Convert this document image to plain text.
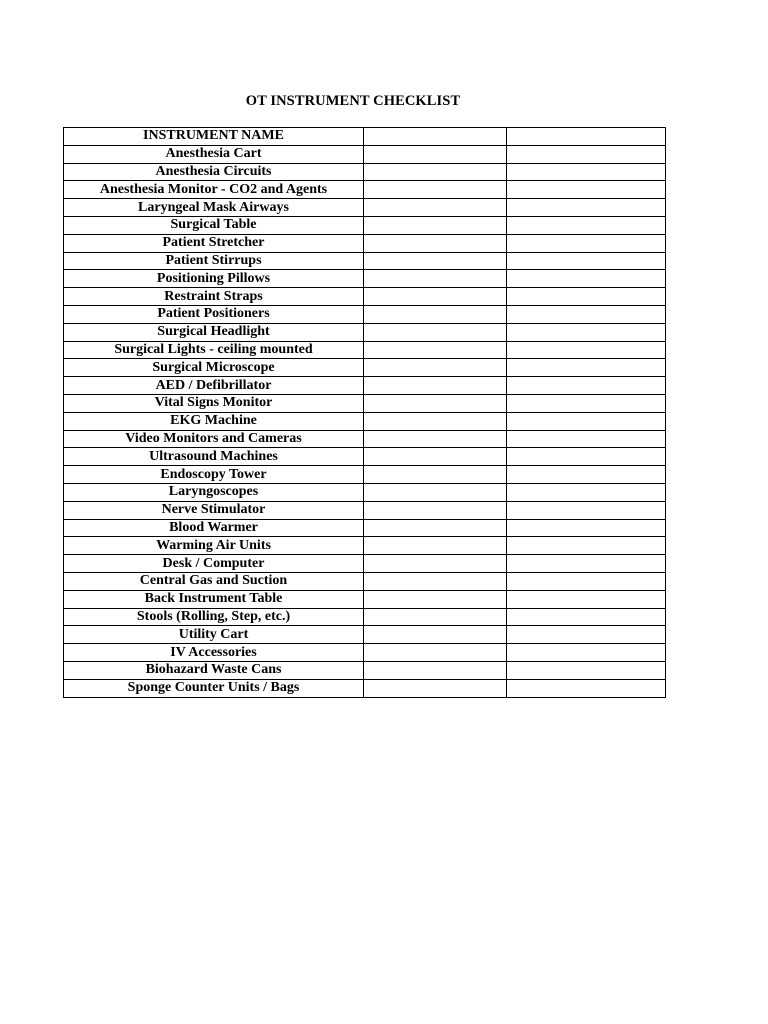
OT INSTRUMENT CHECKLIST
INSTRUMENT NAME		
Anesthesia Cart		
Anesthesia Circuits		
Anesthesia Monitor - CO2 and Agents		
Laryngeal Mask Airways		
Surgical Table		
Patient Stretcher		
Patient Stirrups		
Positioning Pillows		
Restraint Straps		
Patient Positioners		
Surgical Headlight		
Surgical Lights - ceiling mounted		
Surgical Microscope		
AED / Defibrillator		
Vital Signs Monitor		
EKG Machine		
Video Monitors and Cameras		
Ultrasound Machines		
Endoscopy Tower		
Laryngoscopes		
Nerve Stimulator		
Blood Warmer		
Warming Air Units		
Desk / Computer		
Central Gas and Suction		
Back Instrument Table		
Stools (Rolling, Step, etc.)		
Utility Cart		
IV Accessories		
Biohazard Waste Cans		
Sponge Counter Units / Bags		
